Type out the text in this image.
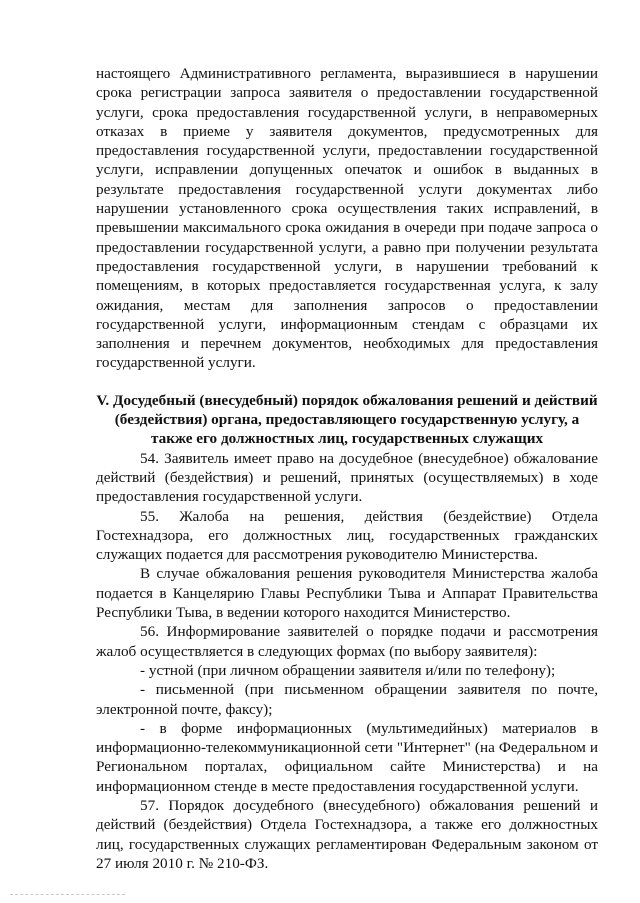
настоящего Административного регламента, выразившиеся в нарушении срока регистрации запроса заявителя о предоставлении государственной услуги, срока предоставления государственной услуги, в неправомерных отказах в приеме у заявителя документов, предусмотренных для предоставления государственной услуги, предоставлении государственной услуги, исправлении допущенных опечаток и ошибок в выданных в результате предоставления государственной услуги документах либо нарушении установленного срока осуществления таких исправлений, в превышении максимального срока ожидания в очереди при подаче запроса о предоставлении государственной услуги, а равно при получении результата предоставления государственной услуги, в нарушении требований к помещениям, в которых предоставляется государственная услуга, к залу ожидания, местам для заполнения запросов о предоставлении государственной услуги, информационным стендам с образцами их заполнения и перечнем документов, необходимых для предоставления государственной услуги.

V. Досудебный (внесудебный) порядок обжалования решений и действий (бездействия) органа, предоставляющего государственную услугу, а также его должностных лиц, государственных служащих

54. Заявитель имеет право на досудебное (внесудебное) обжалование действий (бездействия) и решений, принятых (осуществляемых) в ходе предоставления государственной услуги.

55. Жалоба на решения, действия (бездействие) Отдела Гостехнадзора, его должностных лиц, государственных гражданских служащих подается для рассмотрения руководителю Министерства.

В случае обжалования решения руководителя Министерства жалоба подается в Канцелярию Главы Республики Тыва и Аппарат Правительства Республики Тыва, в ведении которого находится Министерство.

56. Информирование заявителей о порядке подачи и рассмотрения жалоб осуществляется в следующих формах (по выбору заявителя):

- устной (при личном обращении заявителя и/или по телефону);

- письменной (при письменном обращении заявителя по почте, электронной почте, факсу);

- в форме информационных (мультимедийных) материалов в информационно-телекоммуникационной сети "Интернет" (на Федеральном и Региональном порталах, официальном сайте Министерства) и на информационном стенде в месте предоставления государственной услуги.

57. Порядок досудебного (внесудебного) обжалования решений и действий (бездействия) Отдела Гостехнадзора, а также его должностных лиц, государственных служащих регламентирован Федеральным законом от 27 июля 2010 г. № 210-ФЗ.
